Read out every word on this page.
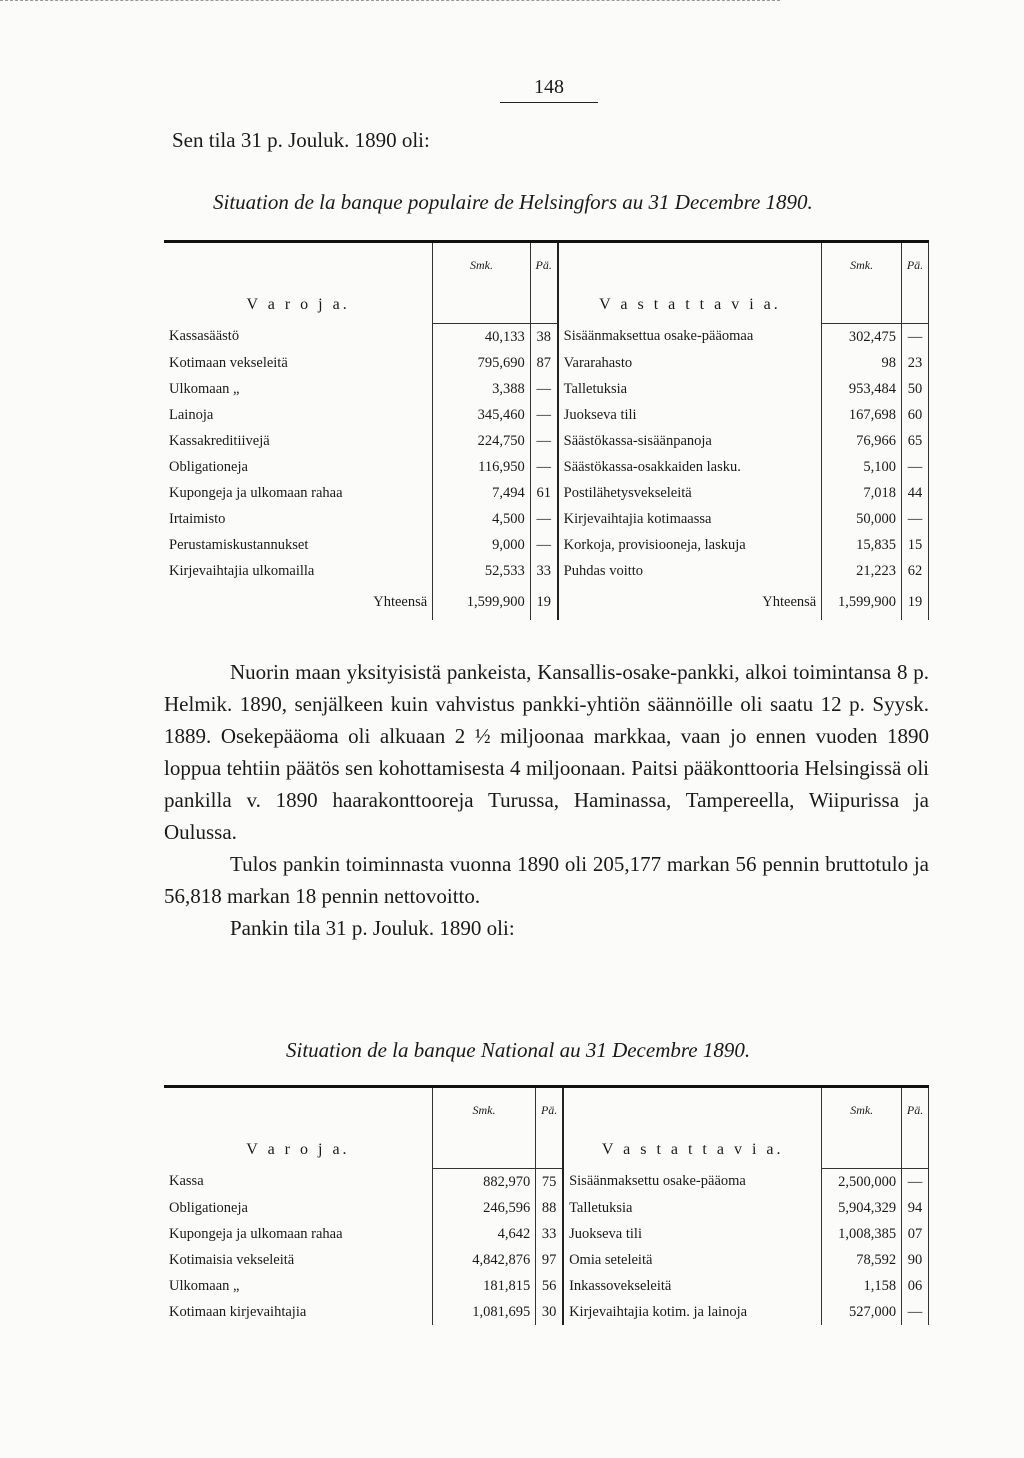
148
Sen tila 31 p. Jouluk. 1890 oli:
Situation de la banque populaire de Helsingfors au 31 Decembre 1890.
	Smk.	Pä.		Smk.	Pä.
V a r o j a.			V a s t a t t a v i a.		
Kassasäästö	40,133	38	Sisäänmaksettua osake-pääomaa	302,475	—
Kotimaan vekseleitä	795,690	87	Vararahasto	98	23
Ulkomaan „	3,388	—	Talletuksia	953,484	50
Lainoja	345,460	—	Juokseva tili	167,698	60
Kassakreditiivejä	224,750	—	Säästökassa-sisäänpanoja	76,966	65
Obligationeja	116,950	—	Säästökassa-osakkaiden lasku.	5,100	—
Kupongeja ja ulkomaan rahaa	7,494	61	Postilähetysvekseleitä	7,018	44
Irtaimisto	4,500	—	Kirjevaihtajia kotimaassa	50,000	—
Perustamiskustannukset	9,000	—	Korkoja, provisiooneja, laskuja	15,835	15
Kirjevaihtajia ulkomailla	52,533	33	Puhdas voitto	21,223	62
Yhteensä	1,599,900	19	Yhteensä	1,599,900	19
	Smk.	Pä.		Smk.	Pä.
V a r o j a.			V a s t a t t a v i a.		
Kassa	882,970	75	Sisäänmaksettu osake-pääoma	2,500,000	—
Obligationeja	246,596	88	Talletuksia	5,904,329	94
Kupongeja ja ulkomaan rahaa	4,642	33	Juokseva tili	1,008,385	07
Kotimaisia vekseleitä	4,842,876	97	Omia seteleitä	78,592	90
Ulkomaan „	181,815	56	Inkassovekseleitä	1,158	06
Kotimaan kirjevaihtajia	1,081,695	30	Kirjevaihtajia kotim. ja lainoja	527,000	—

Nuorin maan yksityisistä pankeista, Kansallis-osake-pankki, alkoi toimintansa 8 p. Helmik. 1890, senjälkeen kuin vahvistus pankki-yhtiön säännöille oli saatu 12 p. Syysk. 1889. Osekepääoma oli alkuaan 2 ½ miljoonaa markkaa, vaan jo ennen vuoden 1890 loppua tehtiin päätös sen kohottamisesta 4 miljoonaan. Paitsi pääkonttooria Helsingissä oli pankilla v. 1890 haarakonttooreja Turussa, Haminassa, Tampereella, Wiipurissa ja Oulussa.

Tulos pankin toiminnasta vuonna 1890 oli 205,177 markan 56 pennin bruttotulo ja 56,818 markan 18 pennin nettovoitto.

Pankin tila 31 p. Jouluk. 1890 oli:

Situation de la banque National au 31 Decembre 1890.
